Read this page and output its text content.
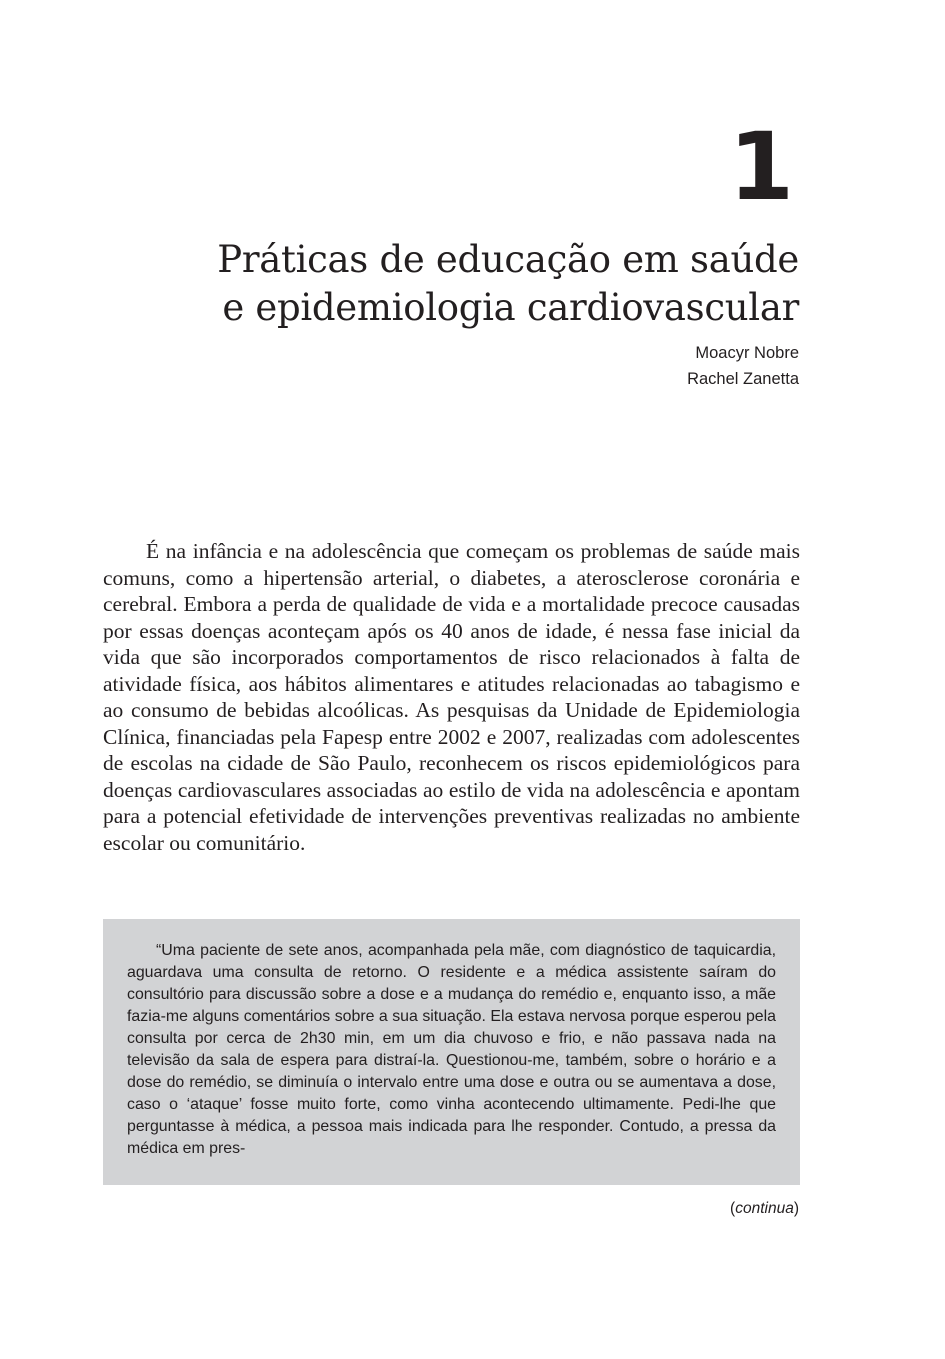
1
Práticas de educação em saúde
e epidemiologia cardiovascular
Moacyr Nobre
Rachel Zanetta

É na infância e na adolescência que começam os problemas de saúde mais comuns, como a hipertensão arterial, o diabetes, a aterosclerose coronária e cerebral. Embora a perda de qualidade de vida e a mortalidade precoce causadas por essas doenças aconteçam após os 40 anos de idade, é nessa fase inicial da vida que são incorporados comportamentos de risco relacionados à falta de atividade física, aos hábitos alimentares e atitudes relacionadas ao tabagismo e ao consumo de bebidas alcoólicas. As pesquisas da Unidade de Epidemiologia Clínica, financiadas pela Fapesp entre 2002 e 2007, realizadas com adolescentes de escolas na cidade de São Paulo, reconhecem os riscos epidemiológicos para doenças cardiovasculares associadas ao estilo de vida na adolescência e apontam para a potencial efetividade de intervenções preventivas realizadas no ambiente escolar ou comunitário.

“Uma paciente de sete anos, acompanhada pela mãe, com diagnóstico de taquicardia, aguardava uma consulta de retorno. O residente e a médica assistente saíram do consultório para discussão sobre a dose e a mudança do remédio e, enquanto isso, a mãe fazia-me alguns comentários sobre a sua situação. Ela estava nervosa porque esperou pela consulta por cerca de 2h30 min, em um dia chuvoso e frio, e não passava nada na televisão da sala de espera para distraí-la. Questionou-me, também, sobre o horário e a dose do remédio, se diminuía o intervalo entre uma dose e outra ou se aumentava a dose, caso o ‘ataque’ fosse muito forte, como vinha acontecendo ultimamente. Pedi-lhe que perguntasse à médica, a pessoa mais indicada para lhe responder. Contudo, a pressa da médica em pres-

(continua)
